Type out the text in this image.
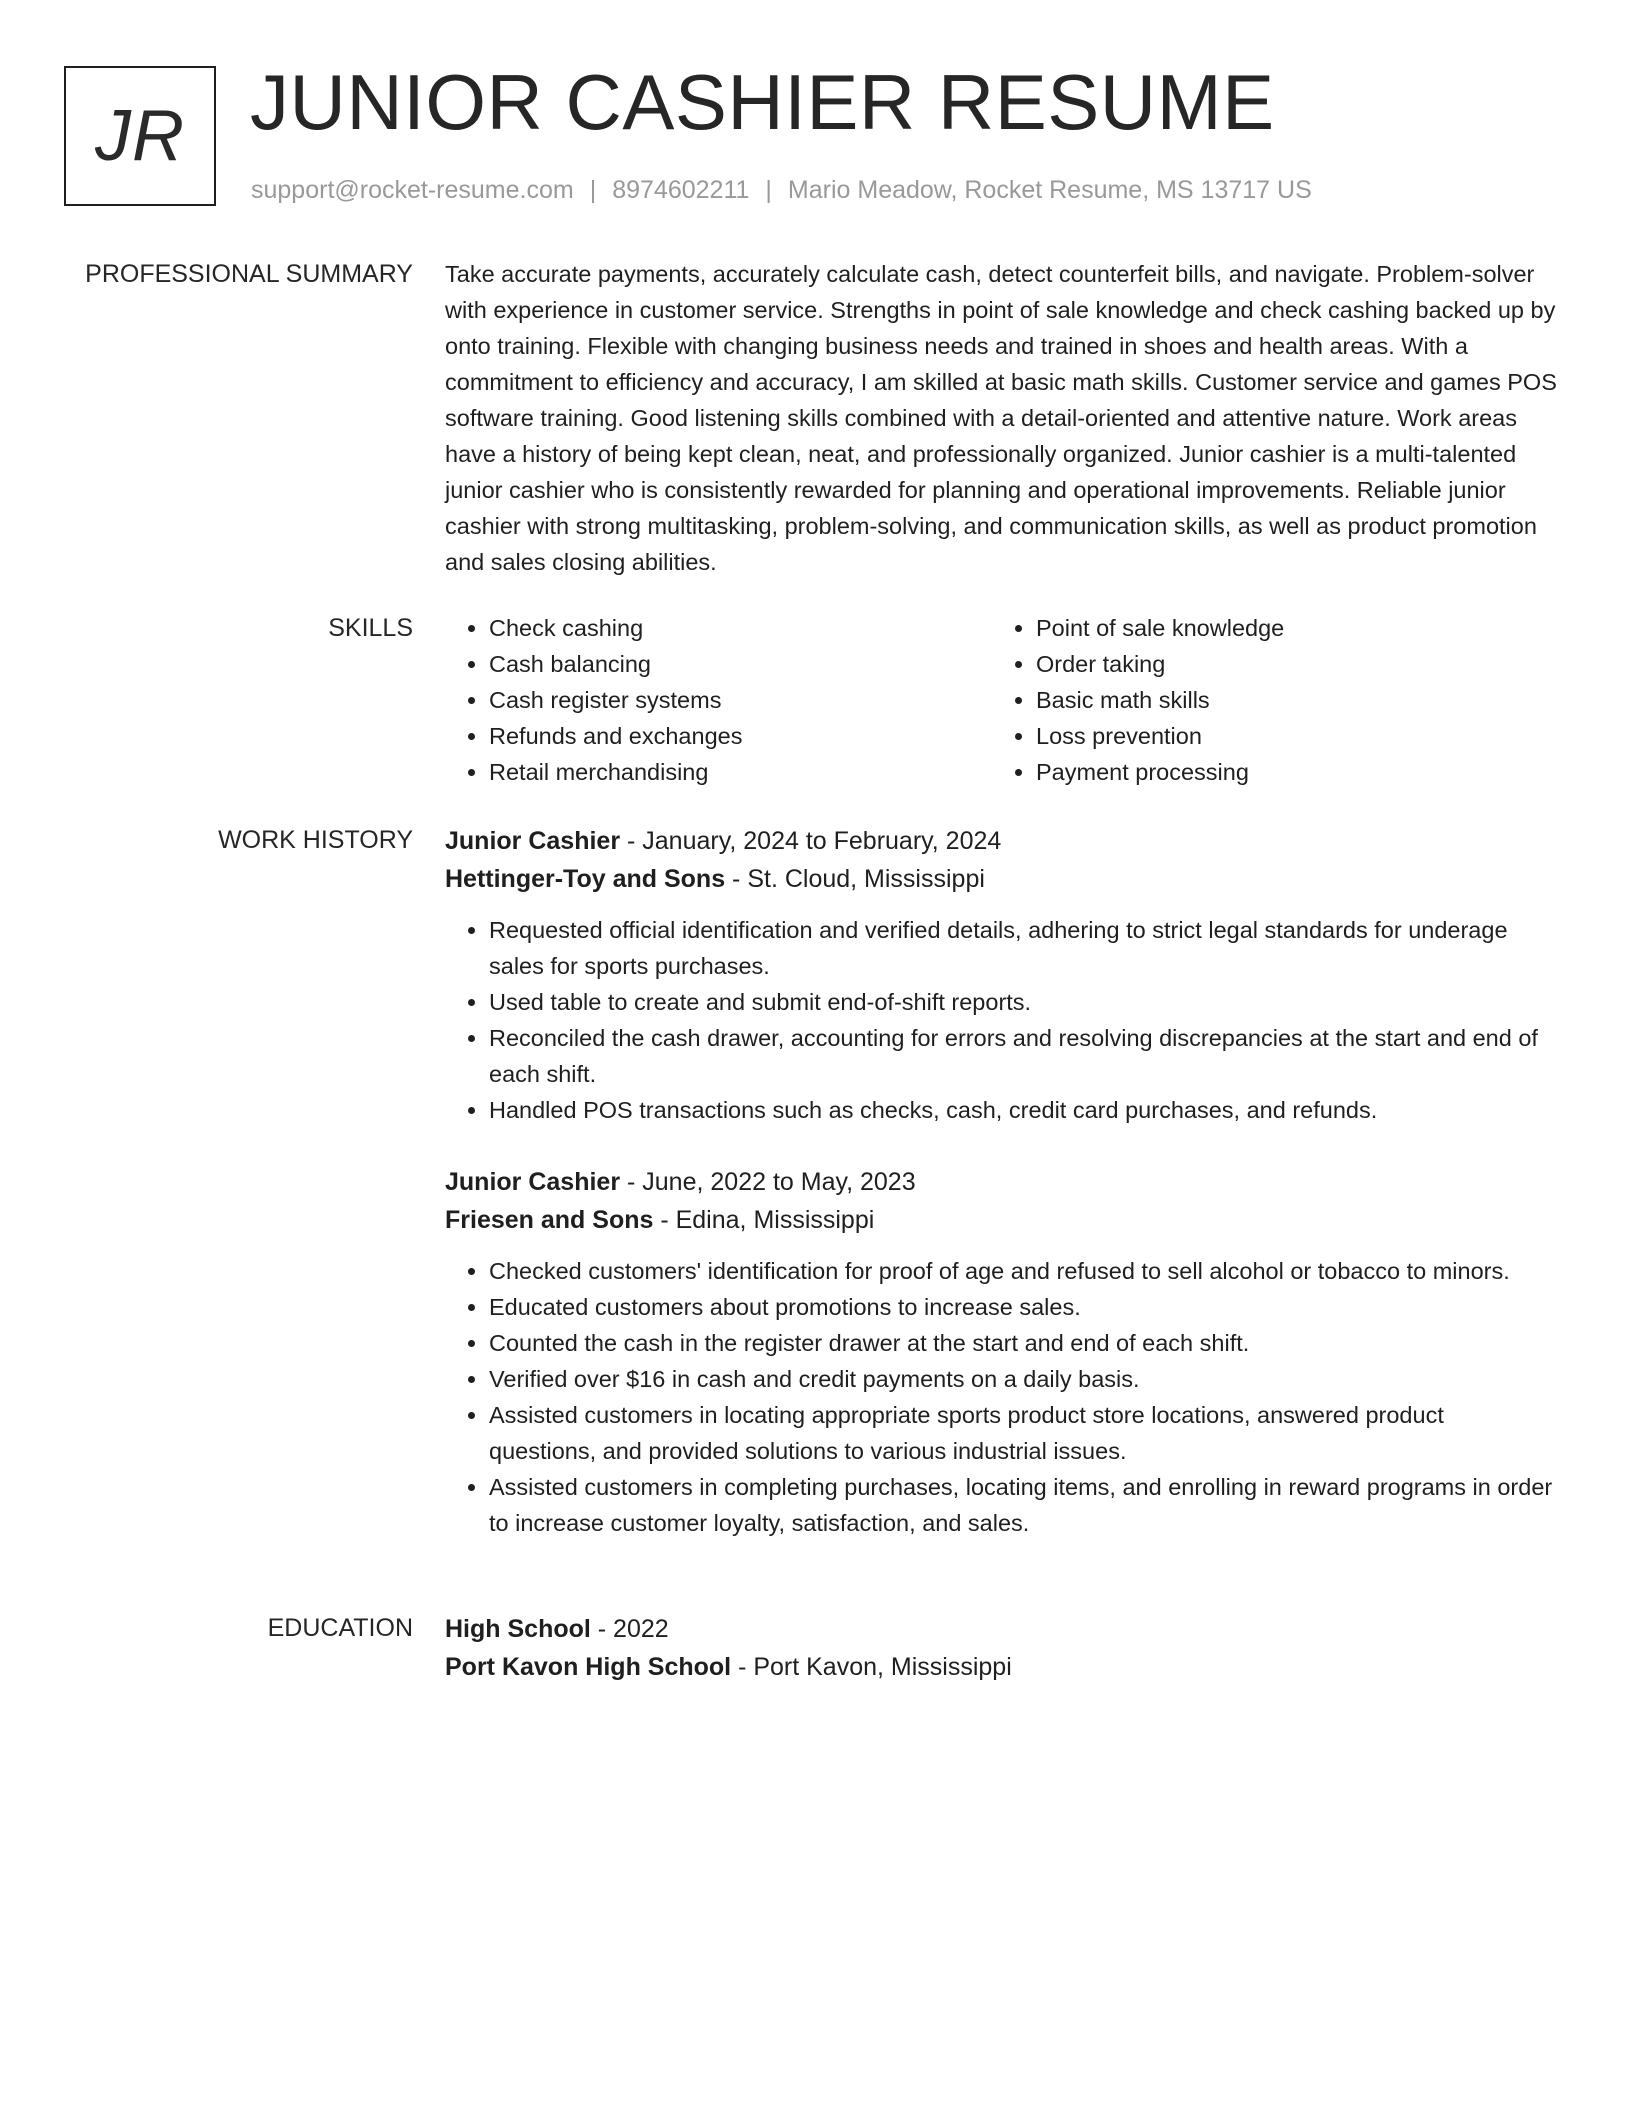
JR JUNIOR CASHIER RESUME
support@rocket-resume.com | 8974602211 | Mario Meadow, Rocket Resume, MS 13717 US
PROFESSIONAL SUMMARY Take accurate payments, accurately calculate cash, detect counterfeit bills, and navigate. Problem-solver with experience in customer service. Strengths in point of sale knowledge and check cashing backed up by onto training. Flexible with changing business needs and trained in shoes and health areas. With a commitment to efficiency and accuracy, I am skilled at basic math skills. Customer service and games POS software training. Good listening skills combined with a detail-oriented and attentive nature. Work areas have a history of being kept clean, neat, and professionally organized. Junior cashier is a multi-talented junior cashier who is consistently rewarded for planning and operational improvements. Reliable junior cashier with strong multitasking, problem-solving, and communication skills, as well as product promotion and sales closing abilities.

SKILLS
•	Check cashing
• Cash balancing
• Cash register systems
• Refunds and exchanges
• Retail merchandising
• Point of sale knowledge
• Order taking
• Basic math skills
• Loss prevention
• Payment processing
WORK HISTORY Junior Cashier - January, 2024 to February, 2024
Hettinger-Toy and Sons - St. Cloud, Mississippi
• Requested official identification and verified details, adhering to strict legal standards for underage sales for sports purchases.
• Used table to create and submit end-of-shift reports.
• Reconciled the cash drawer, accounting for errors and resolving discrepancies at the start and end of each shift.
• Handled POS transactions such as checks, cash, credit card purchases, and refunds.
Junior Cashier - June, 2022 to May, 2023
Friesen and Sons - Edina, Mississippi
• Checked customers' identification for proof of age and refused to sell alcohol or tobacco to minors.
• Educated customers about promotions to increase sales.
• Counted the cash in the register drawer at the start and end of each shift.
• Verified over $16 in cash and credit payments on a daily basis.
• Assisted customers in locating appropriate sports product store locations, answered product questions, and provided solutions to various industrial issues.
• Assisted customers in completing purchases, locating items, and enrolling in reward programs in order to increase customer loyalty, satisfaction, and sales.
EDUCATION High School - 2022
Port Kavon High School - Port Kavon, Mississippi
